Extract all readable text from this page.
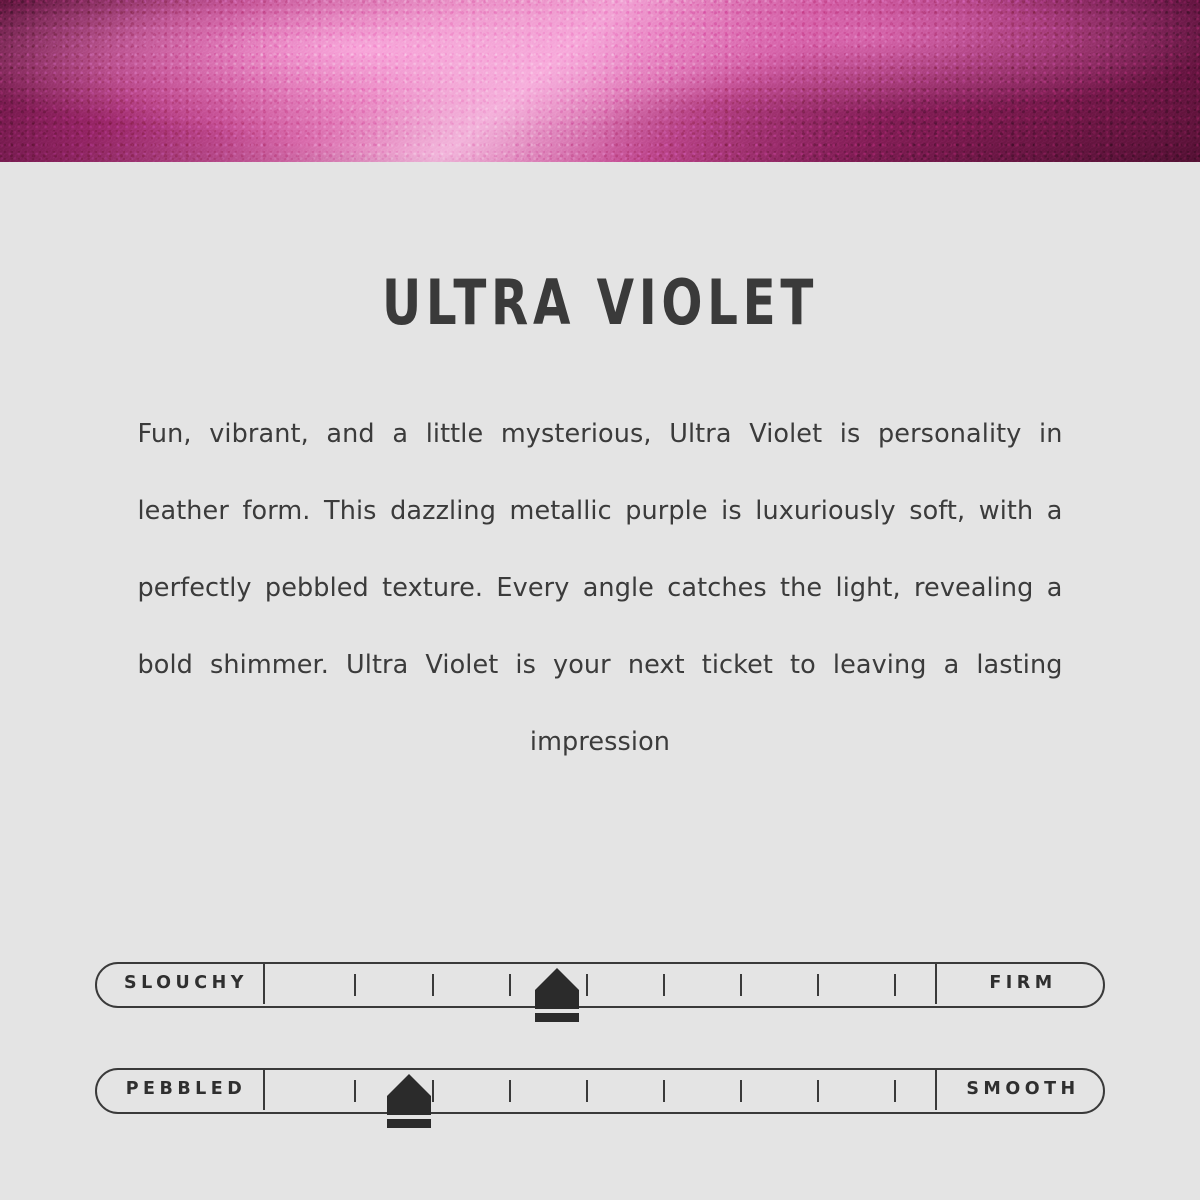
ULTRA VIOLET

Fun, vibrant, and a little mysterious, Ultra Violet is personality in leather form. This dazzling metallic purple is luxuriously soft, with a perfectly pebbled texture. Every angle catches the light, revealing a bold shimmer. Ultra Violet is your next ticket to leaving a lasting impression

SLOUCHY	FIRM
PEBBLED	SMOOTH
